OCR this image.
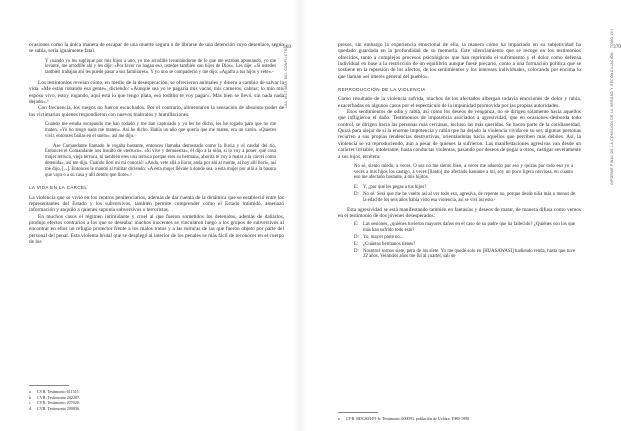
369
LAS VÍCTIMAS DEL CONFLICTO

ocasiones como la única manera de escapar de una muerte segura o de librarse de una detención cuyo desenlace, según se sabía, sería igualmente fatal.

Y cuando yo les supliqué por mis hijos a uno, yo me arrodillé levantándome de lo que me estaban apuntando, yo me levanté, me arrodillé ahí y les dije: «Por favor no hagan eso, ustedes también son hijos de Dios». Les dije: «Si ustedes también trabajan ahí les puede pasar a sus familiares». Y yo uno se compadeció y me dijo: «Agarra a tus hijos y vete».ᵃ

Los testimonios revelan cómo, en medio de la desesperación, se ofrecieron animales y dinero a cambio de salvar la vida. «Me están robando esa gente», dicíendo: «Aunque sea yo le pagaría mis vacas, mis carneros, cabras; lo mío mis esposo vivo, estoy rogando, aquí está lo que tengo plata, eso toditito te voy pagar». Más bien se llevó, sin nada nada dejado».ᵇ

Con frecuencia, los ruegos no fueron escuchados. Por el contrario, alimentaron la sensación de absoluto poder de los victimarios quienes respondieron con nuevos maltratos y humillaciones.

Cuando me estaba escapando me han rodado y me han capturado y yo les he dicho, les he rogado para que no me maten. «Yo no tengo nada me maten». Así he dicho. Había un año que quería que me maten, era un varón. «Quieres vivir, entonces bailas en el suelo», así me dijo.ᶜ

Ase Comandante llamado le rogaba bastante, entonces llamaba demostado como la lluvia y el caudal del río. Entonces el Comandante nos insultó de «terruco». «Sí vive y demuestra», él dijo a la niña, si lo voy a poner, qué cosa mujer terruca, vieja terruca, tú también eres una terruca porque eres su hermana, ahorita te voy a matar a la cárcel como detenida», así me dijo. Cuando llorí mi mi conozió: «Anda, vete allá a llorar, anda por ahí al monte, al hoy allí llorí», así me dijo, [...]. Entonces le mandó al militar diciendo: «A esta mujer llévale a donde sea, a esta mujer por allá a la basura que vaya o a su casa y allí dentro que llore».ᵈ

LA VIDA EN LA CÁRCEL

La violencia que se vivió en los centros penitenciarios, además de dar cuenta de la dinámica que se estableció entre los representantes del Estado y los subversivos, también permite comprender cómo el Estado intimidó, amenazó información y anquiló a quienes suponía subversivos o terroristas.

En muchos casos el régimen intimidante y cruel al que fueron sometidos los detenidos, además de dañarlos, produjo efectos contrarios a los que se deseaba: muchos inocentes se vincularon luego a los grupos de subversivos al encontrar en ellos un refugio protector frente a los malos tratos y a las torturas de las que fueron objeto por parte del personal del penal. Esta violenta brutal que se desplegó al interior de los penales se más fácil de reconocer en el cuerpo de los

a CVR. Testimonio 611515.
b CVR. Testimonio 202287.
c CVR. Testimonio 207020.
d CVR. Testimonio 200836.
370
INFORME FINAL DE LA COMISIÓN DE LA VERDAD Y RECONCILIACIÓN · TOMO VIII

presos, sin embargo la experiencia emocional de ella, la manera cómo ha impactado en su subjetividad ha quedado guardada en la profundidad de su memoria. Este silenciamiento que se recoge en los testimonios ofrecidos, tanto a complejos procesos psicológicos que han reprimido el sufrimiento y el dolor como defensa individual en base a la restricción de un equilibrio aunque fuese precario, como a una formación política que se sostiene en la represión de los afectos, de los sentimientos y los intereses individuales, colocando por encima lo que llaman «el interés general del pueblo».

REPRODUCCIÓN DE LA VIOLENCIA

Como resultado de la violencia sufrida, muchos de los afectados albergan todavía emociones de dolor y rabia, exacerbadas en algunos casos por el espectáculo de la impunidad promovida por las propias autoridades.

Esos sentimientos de odio y rabia, así como los deseos de venganza, no se dirigen solamente hacia aquellos que infligieron el daño. Testimonios de impotencia asociados a agresividad, que en ocasiones desborda todo control, se dirigen hacia las personas más cercanas, incluso las más queridas. Se hacen parte de la cotidianeidad. Quizá para alejar de sí la enorme impotencia y rabia que ha dejado la violencia vivida en su ser, algunas personas recurren a sus propias tendencias destructivas, orientándolas hacia aquellos que perciben más débiles. Así, la violencia se va reproduciendo, aún a pesar de quienes la sufrieron. Las manifestaciones agresivas van desde un carácter irritable, intolerante, hasta conductas violentas, pasando por deseos de pegar a otros, castigar severamente a sus hijos, etcétera:

No sé, siento miedo, a veces. O sea no me siento bien, a veces me aduerdo por eso y quizás por todo eso yo a veces a mis hijos los castigo, a veces [llanto] me afectado bastante a mí, soy un poco ligera nerviosa, en cuanto eso me afectado bastante, a mis hijitos.

E: Y, ¿por qué les pegas a tus hijos?
D: No sé. Será que me he vuelto así al ver todo eso, agresiva, de repente no, porque desde niña más o menos de la edad de los seis años había visto esa violencia, así se viví así esto.ᵉ

Esta agresividad se está manifestando también en fantasías y deseos de matar, de manera difusa como vemos en el testimonio de dos jóvenes desesperados:

E: Las sesiones, ¿quiénes tuvieron mayores daños en el caso de su padre que ha fallecido? ¿Quiénes son los que más han sufrido todo esto?
D: Yo, mayor parte no...
E: ¿Cuántos hermanos tienes?
D: Nosotros somos siete, pero de los siete. Yo me quedé solo en [HUASAWASI] hadiendo renda, hasta que tuve 22 años. Veintidós años me fui al cuartel, salí de
e CVR. BDGSM-P1-b: Testimonio 600093, población de Uchiza. 1980-1990.
